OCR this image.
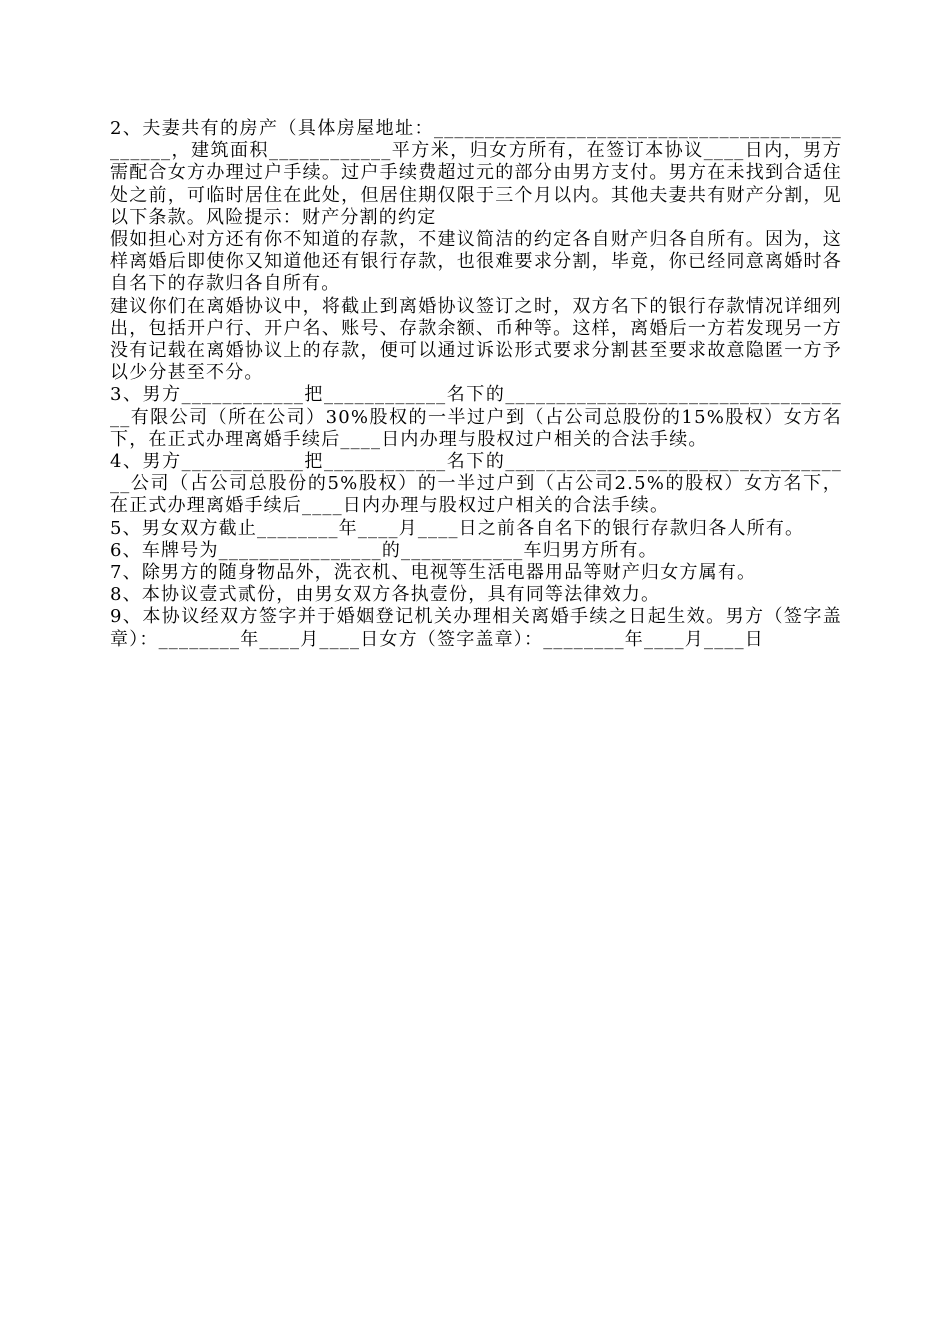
2、夫妻共有的房产（具体房屋地址：______________________________________________，建筑面积____________平方米，归女方所有，在签订本协议____日内，男方需配合女方办理过户手续。过户手续费超过元的部分由男方支付。男方在未找到合适住处之前，可临时居住在此处，但居住期仅限于三个月以内。其他夫妻共有财产分割，见以下条款。风险提示：财产分割的约定

假如担心对方还有你不知道的存款，不建议简洁的约定各自财产归各自所有。因为，这样离婚后即使你又知道他还有银行存款，也很难要求分割，毕竟，你已经同意离婚时各自名下的存款归各自所有。

建议你们在离婚协议中，将截止到离婚协议签订之时，双方名下的银行存款情况详细列出，包括开户行、开户名、账号、存款余额、币种等。这样，离婚后一方若发现另一方没有记载在离婚协议上的存款，便可以通过诉讼形式要求分割甚至要求故意隐匿一方予以少分甚至不分。

3、男方____________把____________名下的___________________________________有限公司（所在公司）30%股权的一半过户到（占公司总股份的15%股权）女方名下，在正式办理离婚手续后____日内办理与股权过户相关的合法手续。

4、男方____________把____________名下的___________________________________公司（占公司总股份的5%股权）的一半过户到（占公司2.5%的股权）女方名下，在正式办理离婚手续后____日内办理与股权过户相关的合法手续。

5、男女双方截止________年____月____日之前各自名下的银行存款归各人所有。

6、车牌号为________________的____________车归男方所有。

7、除男方的随身物品外，洗衣机、电视等生活电器用品等财产归女方属有。

8、本协议壹式贰份，由男女双方各执壹份，具有同等法律效力。

9、本协议经双方签字并于婚姻登记机关办理相关离婚手续之日起生效。男方（签字盖章）：________年____月____日女方（签字盖章）：________年____月____日
